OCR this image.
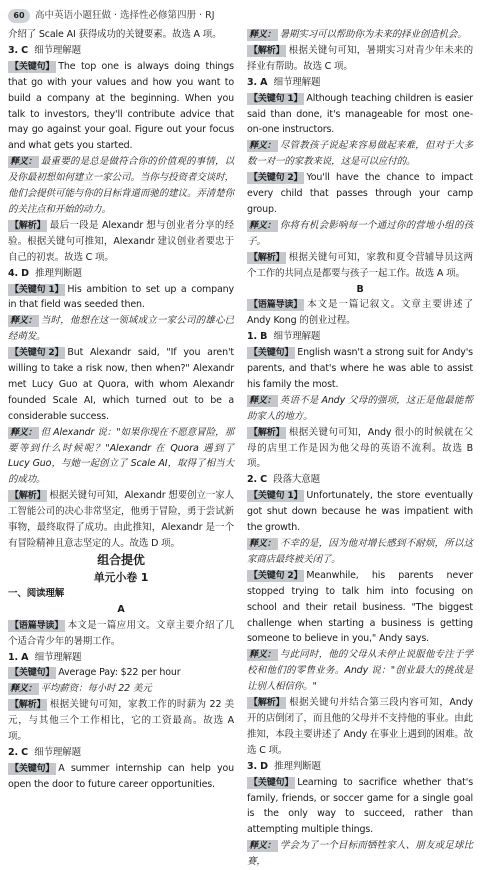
60	高中英语小题狂做 · 选择性必修第四册 · RJ

介绍了 Scale AI 获得成功的关键要素。故选 A 项。

3. C 细节理解题

【关键句】 The top one is always doing things that go with your values and how you want to build a company at the beginning. When you talk to investors, they'll contribute advice that may go against your goal. Figure out your focus and what gets you started.

释义： 最重要的是总是做符合你的价值观的事情，以及你最初想如何建立一家公司。当你与投资者交谈时，他们会提供可能与你的目标背道而驰的建议。弄清楚你的关注点和开始的动力。

【解析】 最后一段是 Alexandr 想与创业者分享的经验。根据关键句可推知，Alexandr 建议创业者要忠于自己的初衷。故选 C 项。

4. D 推理判断题

【关键句 1】 His ambition to set up a company in that field was seeded then.

释义： 当时，他想在这一领域成立一家公司的雄心已经萌发。

【关键句 2】 But Alexandr said, "If you aren't willing to take a risk now, then when?" Alexandr met Lucy Guo at Quora, with whom Alexandr founded Scale AI, which turned out to be a considerable success.

释义： 但 Alexandr 说："如果你现在不愿意冒险，那要等到什么时候呢？"Alexandr 在 Quora 遇到了 Lucy Guo，与她一起创立了 Scale AI，取得了相当大的成功。

【解析】 根据关键句可知，Alexandr 想要创立一家人工智能公司的决心非常坚定，他勇于冒险，勇于尝试新事物，最终取得了成功。由此推知，Alexandr 是一个有冒险精神且意志坚定的人。故选 D 项。

组合提优

单元小卷 1

一、阅读理解

A

【语篇导读】 本文是一篇应用文。文章主要介绍了几个适合青少年的暑期工作。

1. A 细节理解题

【关键句】 Average Pay: $22 per hour

释义： 平均薪资：每小时 22 美元

【解析】 根据关键句可知，家教工作的时薪为 22 美元，与其他三个工作相比，它的工资最高。故选 A 项。

2. C 细节理解题

【关键句】 A summer internship can help you open the door to future career opportunities.

释义： 暑期实习可以帮助你为未来的择业创造机会。

【解析】 根据关键句可知，暑期实习对青少年未来的择业有帮助。故选 C 项。

3. A 细节理解题

【关键句 1】 Although teaching children is easier said than done, it's manageable for most one-on-one instructors.

释义： 尽管教孩子说起来容易做起来难，但对于大多数一对一的家教来说，这是可以应付的。

【关键句 2】 You'll have the chance to impact every child that passes through your camp group.

释义： 你将有机会影响每一个通过你的营地小组的孩子。

【解析】 根据关键句可知，家教和夏令营辅导员这两个工作的共同点是都要与孩子一起工作。故选 A 项。

B

【语篇导读】 本文是一篇记叙文。文章主要讲述了 Andy Kong 的创业过程。

1. B 细节理解题

【关键句】 English wasn't a strong suit for Andy's parents, and that's where he was able to assist his family the most.

释义： 英语不是 Andy 父母的强项，这正是他最能帮助家人的地方。

【解析】 根据关键句可知，Andy 很小的时候就在父母的店里工作是因为他父母的英语不流利。故选 B 项。

2. C 段落大意题

【关键句 1】 Unfortunately, the store eventually got shut down because he was impatient with the growth.

释义： 不幸的是，因为他对增长感到不耐烦，所以这家商店最终被关闭了。

【关键句 2】 Meanwhile, his parents never stopped trying to talk him into focusing on school and their retail business. "The biggest challenge when starting a business is getting someone to believe in you," Andy says.

释义： 与此同时，他的父母从未停止说服他专注于学校和他们的零售业务。Andy 说："创业最大的挑战是让别人相信你。"

【解析】 根据关键句并结合第三段内容可知，Andy 开的店倒闭了，而且他的父母并不支持他的事业。由此推知，本段主要讲述了 Andy 在事业上遇到的困难。故选 C 项。

3. D 推理判断题

【关键句】 Learning to sacrifice whether that's family, friends, or soccer game for a single goal is the only way to succeed, rather than attempting multiple things.

释义： 学会为了一个目标而牺牲家人、朋友或足球比赛，
